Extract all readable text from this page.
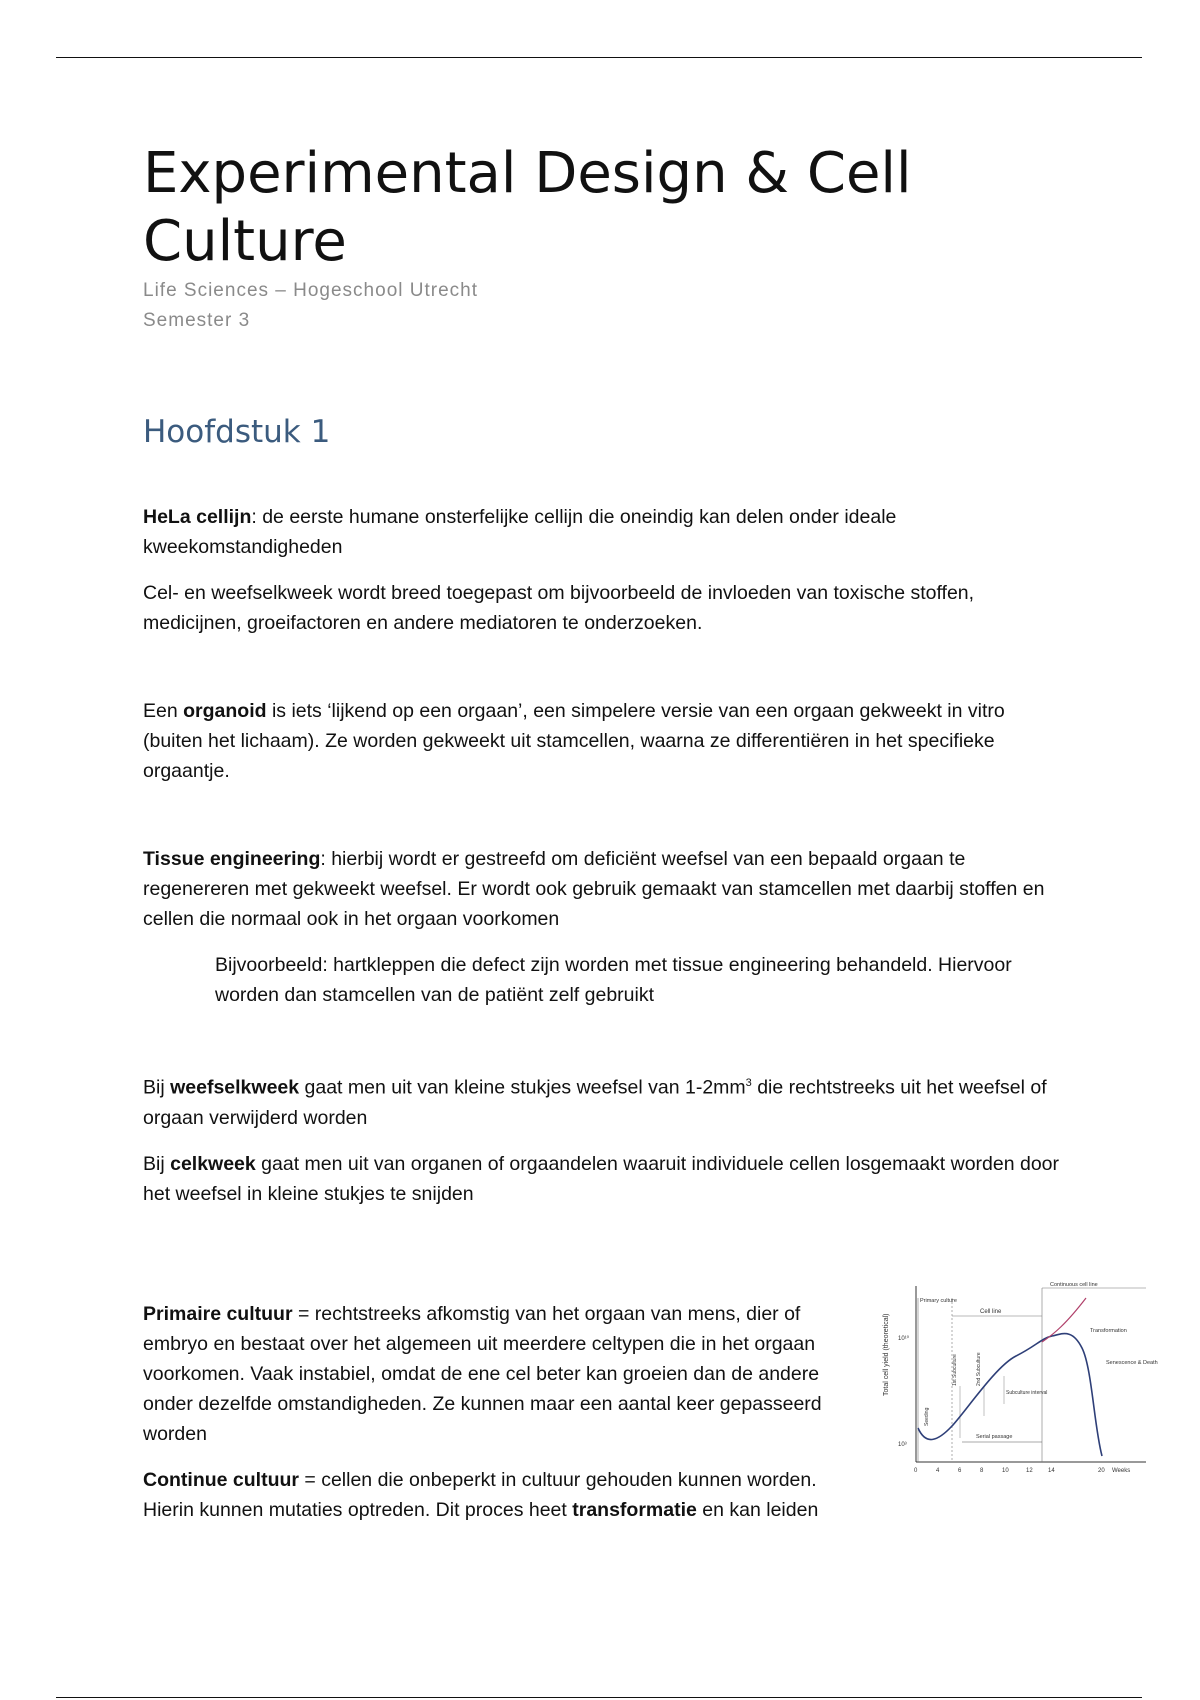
Experimental Design & Cell
Culture

Life Sciences – Hogeschool Utrecht

Semester 3

Hoofdstuk 1

HeLa cellijn: de eerste humane onsterfelijke cellijn die oneindig kan delen onder ideale kweekomstandigheden

Cel- en weefselkweek wordt breed toegepast om bijvoorbeeld de invloeden van toxische stoffen, medicijnen, groeifactoren en andere mediatoren te onderzoeken.

Een organoid is iets ‘lijkend op een orgaan’, een simpelere versie van een orgaan gekweekt in vitro (buiten het lichaam). Ze worden gekweekt uit stamcellen, waarna ze differentiëren in het specifieke orgaantje.

Tissue engineering: hierbij wordt er gestreefd om deficiënt weefsel van een bepaald orgaan te regenereren met gekweekt weefsel. Er wordt ook gebruik gemaakt van stamcellen met daarbij stoffen en cellen die normaal ook in het orgaan voorkomen

Bijvoorbeeld: hartkleppen die defect zijn worden met tissue engineering behandeld. Hiervoor worden dan stamcellen van de patiënt zelf gebruikt

Bij weefselkweek gaat men uit van kleine stukjes weefsel van $1-2mm^3$ die rechtstreeks uit het weefsel of orgaan verwijderd worden

Bij celkweek gaat men uit van organen of orgaandelen waaruit individuele cellen losgemaakt worden door het weefsel in kleine stukjes te snijden

Primaire cultuur = rechtstreeks afkomstig van het orgaan van mens, dier of embryo en bestaat over het algemeen uit meerdere celtypen die in het orgaan voorkomen. Vaak instabiel, omdat de ene cel beter kan groeien dan de andere onder dezelfde omstandigheden. Ze kunnen maar een aantal keer gepasseerd worden

Continue cultuur = cellen die onbeperkt in cultuur gehouden kunnen worden. Hierin kunnen mutaties optreden. Dit proces heet transformatie en kan leiden

Total cell yield (theoretical) 10¹⁰
10³
Primary culture
Cell line
Continuous cell line
Transformation
Senescence & Death
Seeding
1st Subculture	2nd Subculture
Subculture interval
Serial passage
0	4	6	8	10	12	14	20 Weeks
